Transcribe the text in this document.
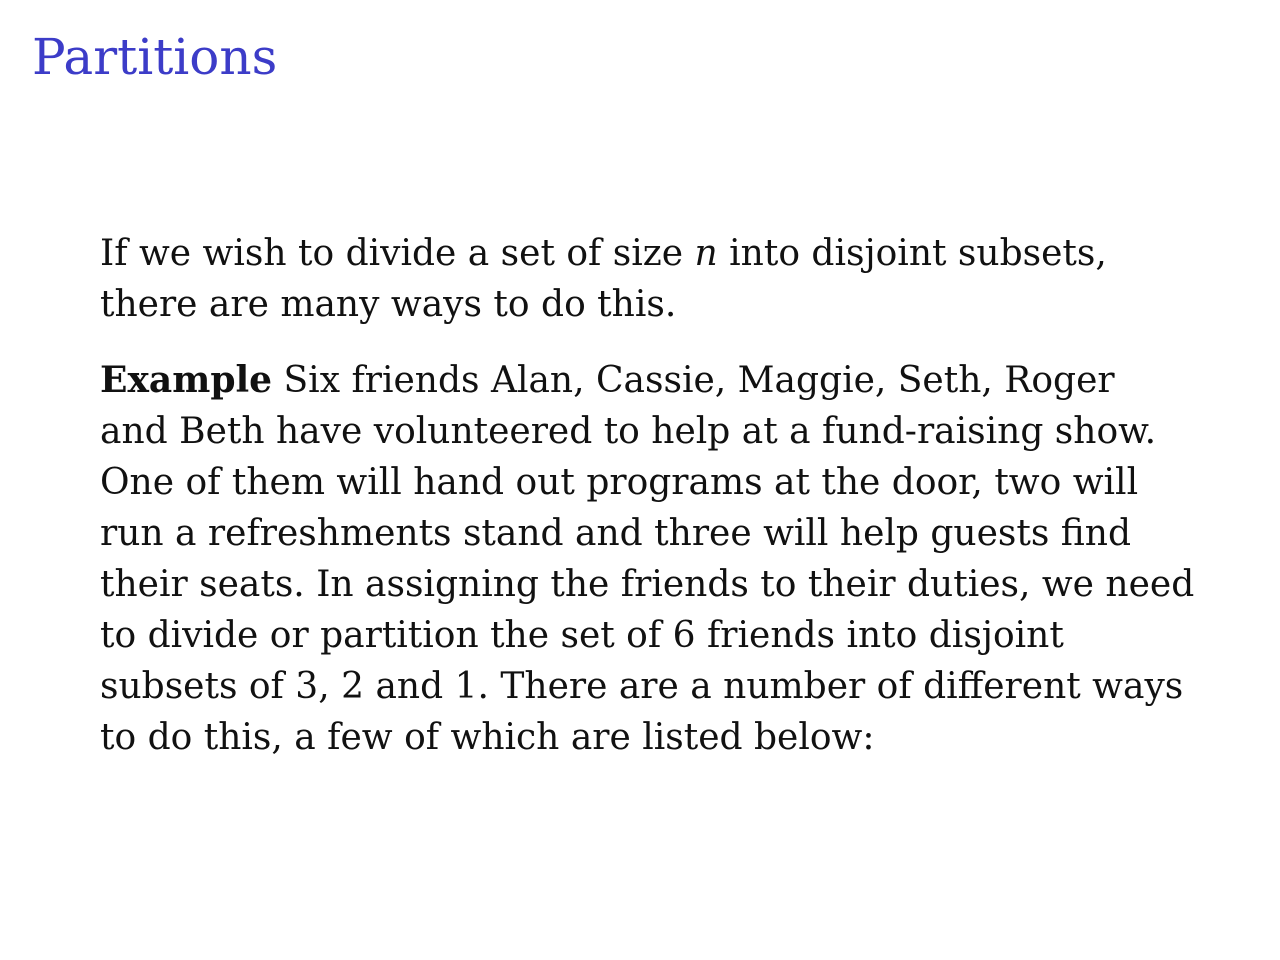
Partitions

If we wish to divide a set of size n into disjoint subsets,
there are many ways to do this.

Example Six friends Alan, Cassie, Maggie, Seth, Roger
and Beth have volunteered to help at a fund-raising show.
One of them will hand out programs at the door, two will
run a refreshments stand and three will help guests find
their seats. In assigning the friends to their duties, we need
to divide or partition the set of 6 friends into disjoint
subsets of 3, 2 and 1. There are a number of different ways
to do this, a few of which are listed below:
